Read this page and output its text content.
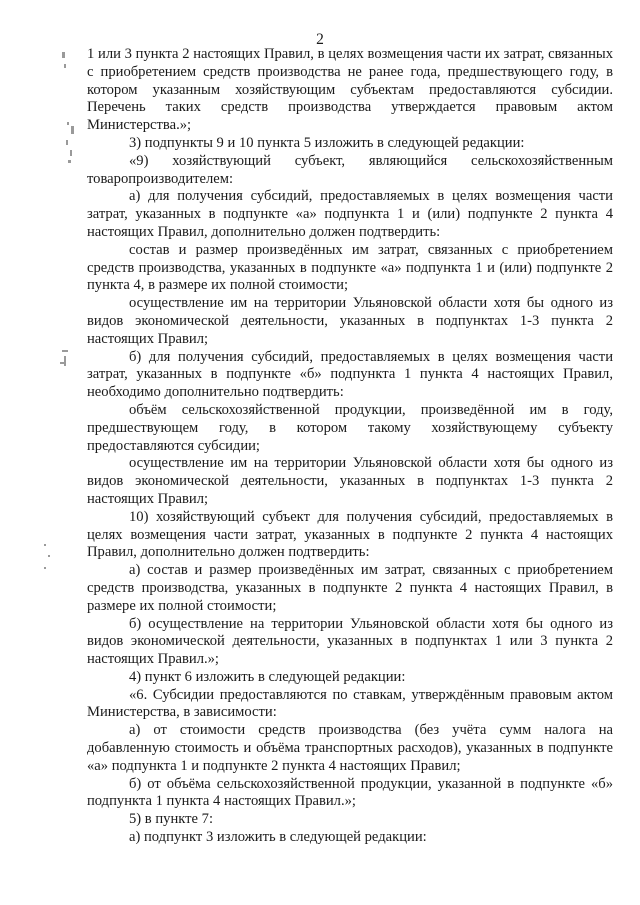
2

1 или 3 пункта 2 настоящих Правил, в целях возмещения части их затрат, связанных с приобретением средств производства не ранее года, предшествующего году, в котором указанным хозяйствующим субъектам предоставляются субсидии. Перечень таких средств производства утверждается правовым актом Министерства.»;

3) подпункты 9 и 10 пункта 5 изложить в следующей редакции:

«9) хозяйствующий субъект, являющийся сельскохозяйственным товаропроизводителем:

а) для получения субсидий, предоставляемых в целях возмещения части затрат, указанных в подпункте «а» подпункта 1 и (или) подпункте 2 пункта 4 настоящих Правил, дополнительно должен подтвердить:

состав и размер произведённых им затрат, связанных с приобретением средств производства, указанных в подпункте «а» подпункта 1 и (или) подпункте 2 пункта 4, в размере их полной стоимости;

осуществление им на территории Ульяновской области хотя бы одного из видов экономической деятельности, указанных в подпунктах 1-3 пункта 2 настоящих Правил;

б) для получения субсидий, предоставляемых в целях возмещения части затрат, указанных в подпункте «б» подпункта 1 пункта 4 настоящих Правил, необходимо дополнительно подтвердить:

объём сельскохозяйственной продукции, произведённой им в году, предшествующем году, в котором такому хозяйствующему субъекту предоставляются субсидии;

осуществление им на территории Ульяновской области хотя бы одного из видов экономической деятельности, указанных в подпунктах 1-3 пункта 2 настоящих Правил;

10) хозяйствующий субъект для получения субсидий, предоставляемых в целях возмещения части затрат, указанных в подпункте 2 пункта 4 настоящих Правил, дополнительно должен подтвердить:

а) состав и размер произведённых им затрат, связанных с приобретением средств производства, указанных в подпункте 2 пункта 4 настоящих Правил, в размере их полной стоимости;

б) осуществление на территории Ульяновской области хотя бы одного из видов экономической деятельности, указанных в подпунктах 1 или 3 пункта 2 настоящих Правил.»;

4) пункт 6 изложить в следующей редакции:

«6. Субсидии предоставляются по ставкам, утверждённым правовым актом Министерства, в зависимости:

а) от стоимости средств производства (без учёта сумм налога на добавленную стоимость и объёма транспортных расходов), указанных в подпункте «а» подпункта 1 и подпункте 2 пункта 4 настоящих Правил;

б) от объёма сельскохозяйственной продукции, указанной в подпункте «б» подпункта 1 пункта 4 настоящих Правил.»;

5) в пункте 7:

а) подпункт 3 изложить в следующей редакции:
